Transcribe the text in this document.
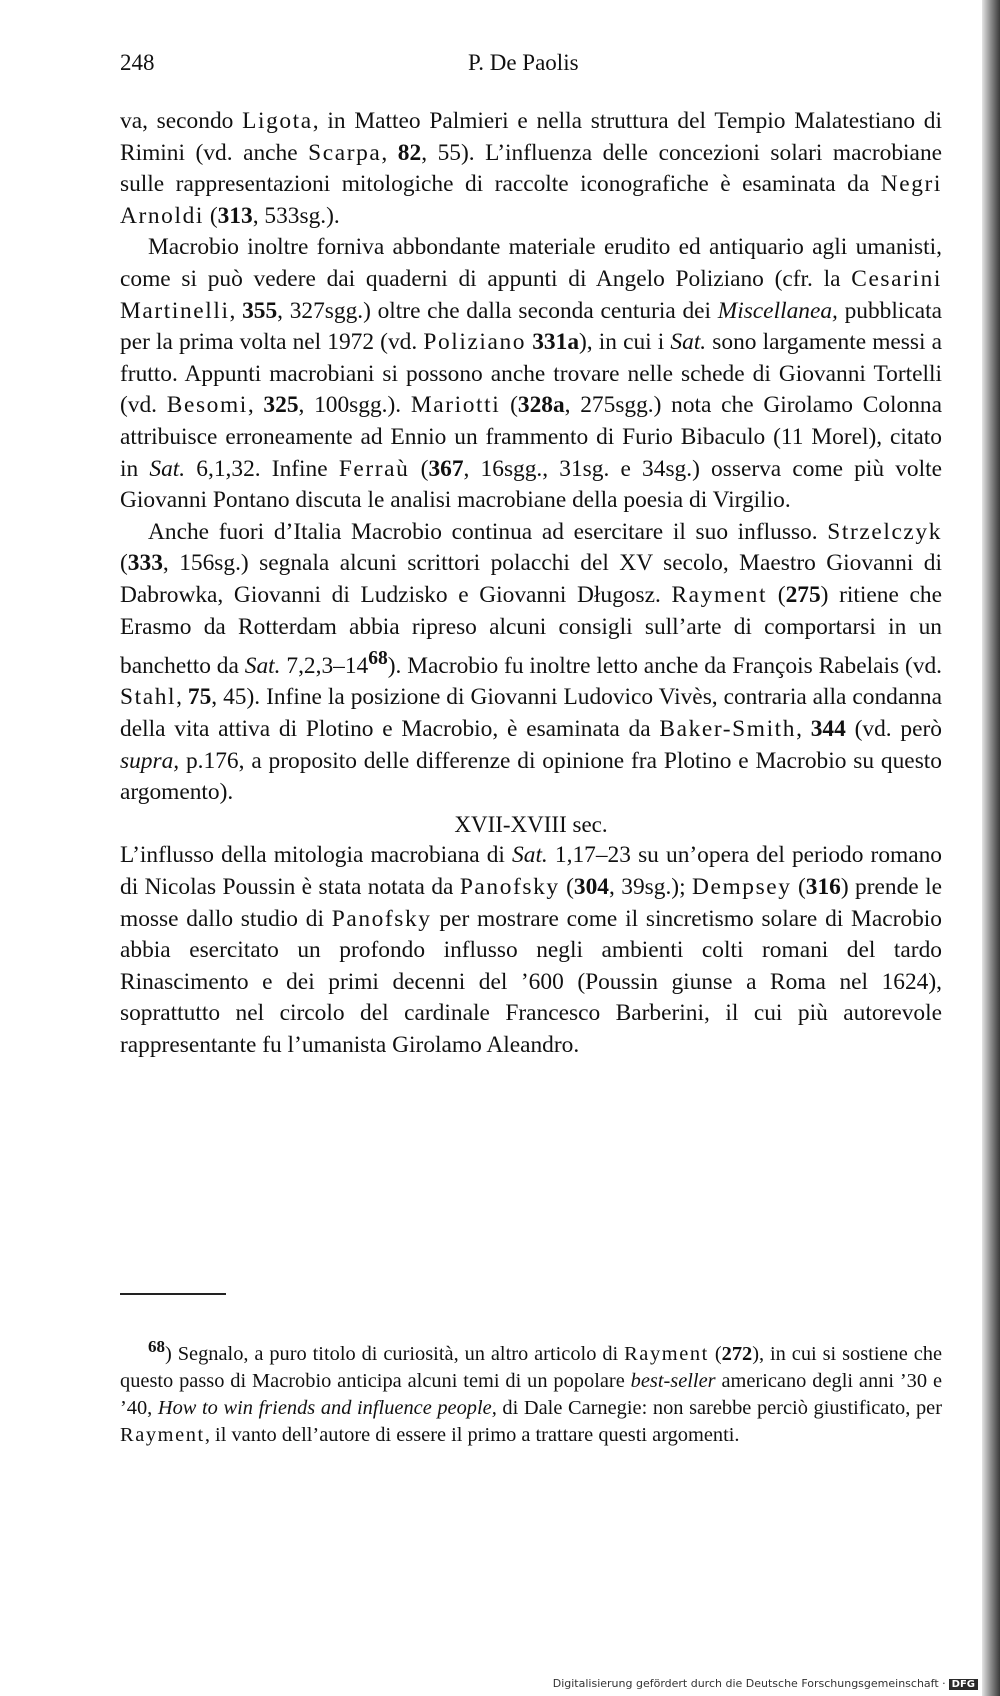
248	P. De Paolis

va, secondo Ligota, in Matteo Palmieri e nella struttura del Tempio Malatestiano di Rimini (vd. anche Scarpa, 82, 55). L’influenza delle concezioni solari macrobiane sulle rappresentazioni mitologiche di raccolte iconografiche è esaminata da Negri Arnoldi (313, 533sg.).

Macrobio inoltre forniva abbondante materiale erudito ed antiquario agli umanisti, come si può vedere dai quaderni di appunti di Angelo Poliziano (cfr. la Cesarini Martinelli, 355, 327sgg.) oltre che dalla seconda centuria dei Miscellanea, pubblicata per la prima volta nel 1972 (vd. Poliziano 331a), in cui i Sat. sono largamente messi a frutto. Appunti macrobiani si possono anche trovare nelle schede di Giovanni Tortelli (vd. Besomi, 325, 100sgg.). Mariotti (328a, 275sgg.) nota che Girolamo Colonna attribuisce erroneamente ad Ennio un frammento di Furio Bibaculo (11 Morel), citato in Sat. 6,1,32. Infine Ferraù (367, 16sgg., 31sg. e 34sg.) osserva come più volte Giovanni Pontano discuta le analisi macrobiane della poesia di Virgilio.

Anche fuori d’Italia Macrobio continua ad esercitare il suo influsso. Strzelczyk (333, 156sg.) segnala alcuni scrittori polacchi del XV secolo, Maestro Giovanni di Dabrowka, Giovanni di Ludzisko e Giovanni Długosz. Rayment (275) ritiene che Erasmo da Rotterdam abbia ripreso alcuni consigli sull’arte di comportarsi in un banchetto da Sat. $7,2,3-14^{68}$). Macrobio fu inoltre letto anche da François Rabelais (vd. Stahl, 75, 45). Infine la posizione di Giovanni Ludovico Vivès, contraria alla condanna della vita attiva di Plotino e Macrobio, è esaminata da Baker-Smith, 344 (vd. però supra, p.176, a proposito delle differenze di opinione fra Plotino e Macrobio su questo argomento).

XVII-XVIII sec.

L’influsso della mitologia macrobiana di Sat. 1,17–23 su un’opera del periodo romano di Nicolas Poussin è stata notata da Panofsky (304, 39sg.); Dempsey (316) prende le mosse dallo studio di Panofsky per mostrare come il sincretismo solare di Macrobio abbia esercitato un profondo influsso negli ambienti colti romani del tardo Rinascimento e dei primi decenni del ’600 (Poussin giunse a Roma nel 1624), soprattutto nel circolo del cardinale Francesco Barberini, il cui più autorevole rappresentante fu l’umanista Girolamo Aleandro.

$^{68}$) Segnalo, a puro titolo di curiosità, un altro articolo di Rayment (272), in cui si sostiene che questo passo di Macrobio anticipa alcuni temi di un popolare best-seller americano degli anni ’30 e ’40, How to win friends and influence people, di Dale Carnegie: non sarebbe perciò giustificato, per Rayment, il vanto dell’autore di essere il primo a trattare questi argomenti.

Digitalisierung gefördert durch die Deutsche Forschungsgemeinschaft · DFG
